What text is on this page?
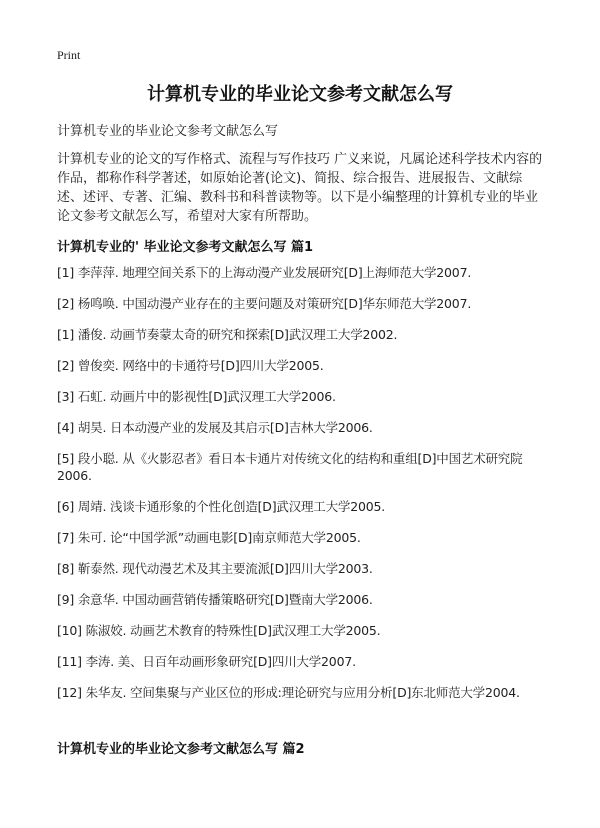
Print
计算机专业的毕业论文参考文献怎么写
计算机专业的毕业论文参考文献怎么写
计算机专业的论文的写作格式、流程与写作技巧 广义来说，凡属论述科学技术内容的作品，都称作科学著述，如原始论著(论文)、简报、综合报告、进展报告、文献综述、述评、专著、汇编、教科书和科普读物等。以下是小编整理的计算机专业的毕业论文参考文献怎么写，希望对大家有所帮助。
计算机专业的' 毕业论文参考文献怎么写 篇1
[1] 李萍萍. 地理空间关系下的上海动漫产业发展研究[D]上海师范大学2007.
[2] 杨鸣唤. 中国动漫产业存在的主要问题及对策研究[D]华东师范大学2007.
[1] 潘俊. 动画节奏蒙太奇的研究和探索[D]武汉理工大学2002.
[2] 曾俊奕. 网络中的卡通符号[D]四川大学2005.
[3] 石虹. 动画片中的影视性[D]武汉理工大学2006.
[4] 胡昊. 日本动漫产业的发展及其启示[D]吉林大学2006.
[5] 段小聪. 从《火影忍者》看日本卡通片对传统文化的结构和重组[D]中国艺术研究院2006.
[6] 周靖. 浅谈卡通形象的个性化创造[D]武汉理工大学2005.
[7] 朱可. 论“中国学派”动画电影[D]南京师范大学2005.
[8] 靳泰然. 现代动漫艺术及其主要流派[D]四川大学2003.
[9] 余意华. 中国动画营销传播策略研究[D]暨南大学2006.
[10] 陈淑姣. 动画艺术教育的特殊性[D]武汉理工大学2005.
[11] 李涛. 美、日百年动画形象研究[D]四川大学2007.
[12] 朱华友. 空间集聚与产业区位的形成:理论研究与应用分析[D]东北师范大学2004.
计算机专业的毕业论文参考文献怎么写 篇2
